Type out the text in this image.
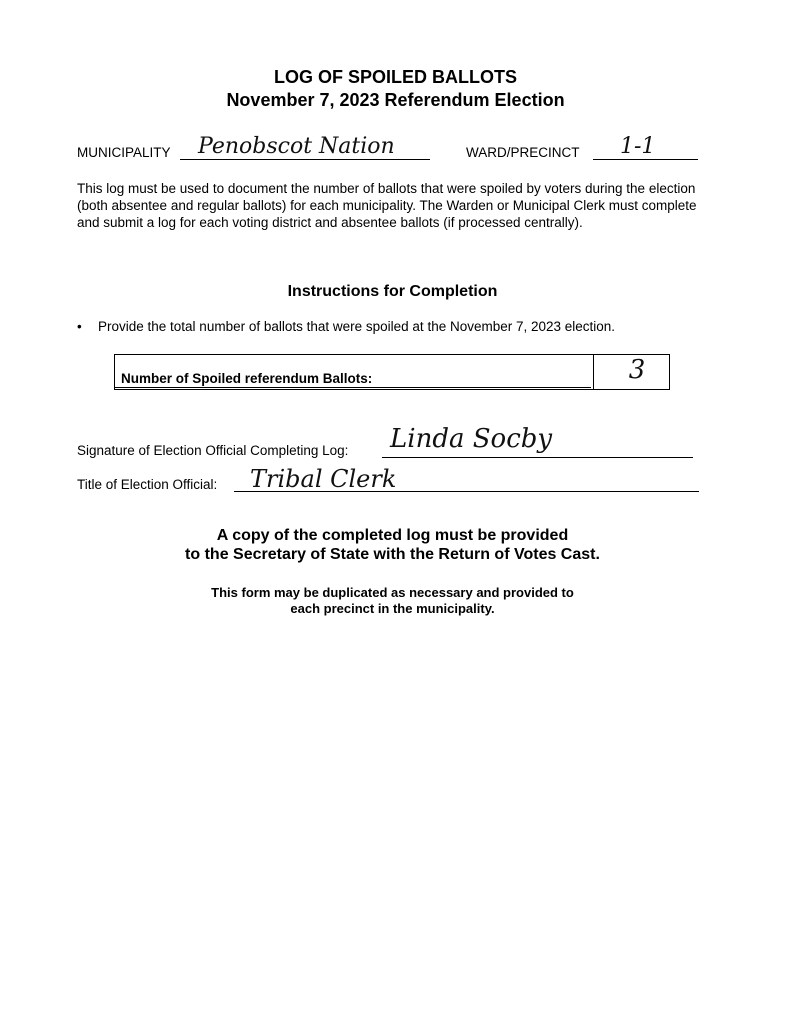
LOG OF SPOILED BALLOTS
November 7, 2023 Referendum Election
MUNICIPALITY Penobscot Nation	WARD/PRECINCT 1-1
This log must be used to document the number of ballots that were spoiled by voters during the election (both absentee and regular ballots) for each municipality. The Warden or Municipal Clerk must complete and submit a log for each voting district and absentee ballots (if processed centrally).
Instructions for Completion
• Provide the total number of ballots that were spoiled at the November 7, 2023 election.
Number of Spoiled referendum Ballots:	3
Signature of Election Official Completing Log: Linda Socby
Title of Election Official: Tribal Clerk
A copy of the completed log must be provided
to the Secretary of State with the Return of Votes Cast.
This form may be duplicated as necessary and provided to
each precinct in the municipality.
